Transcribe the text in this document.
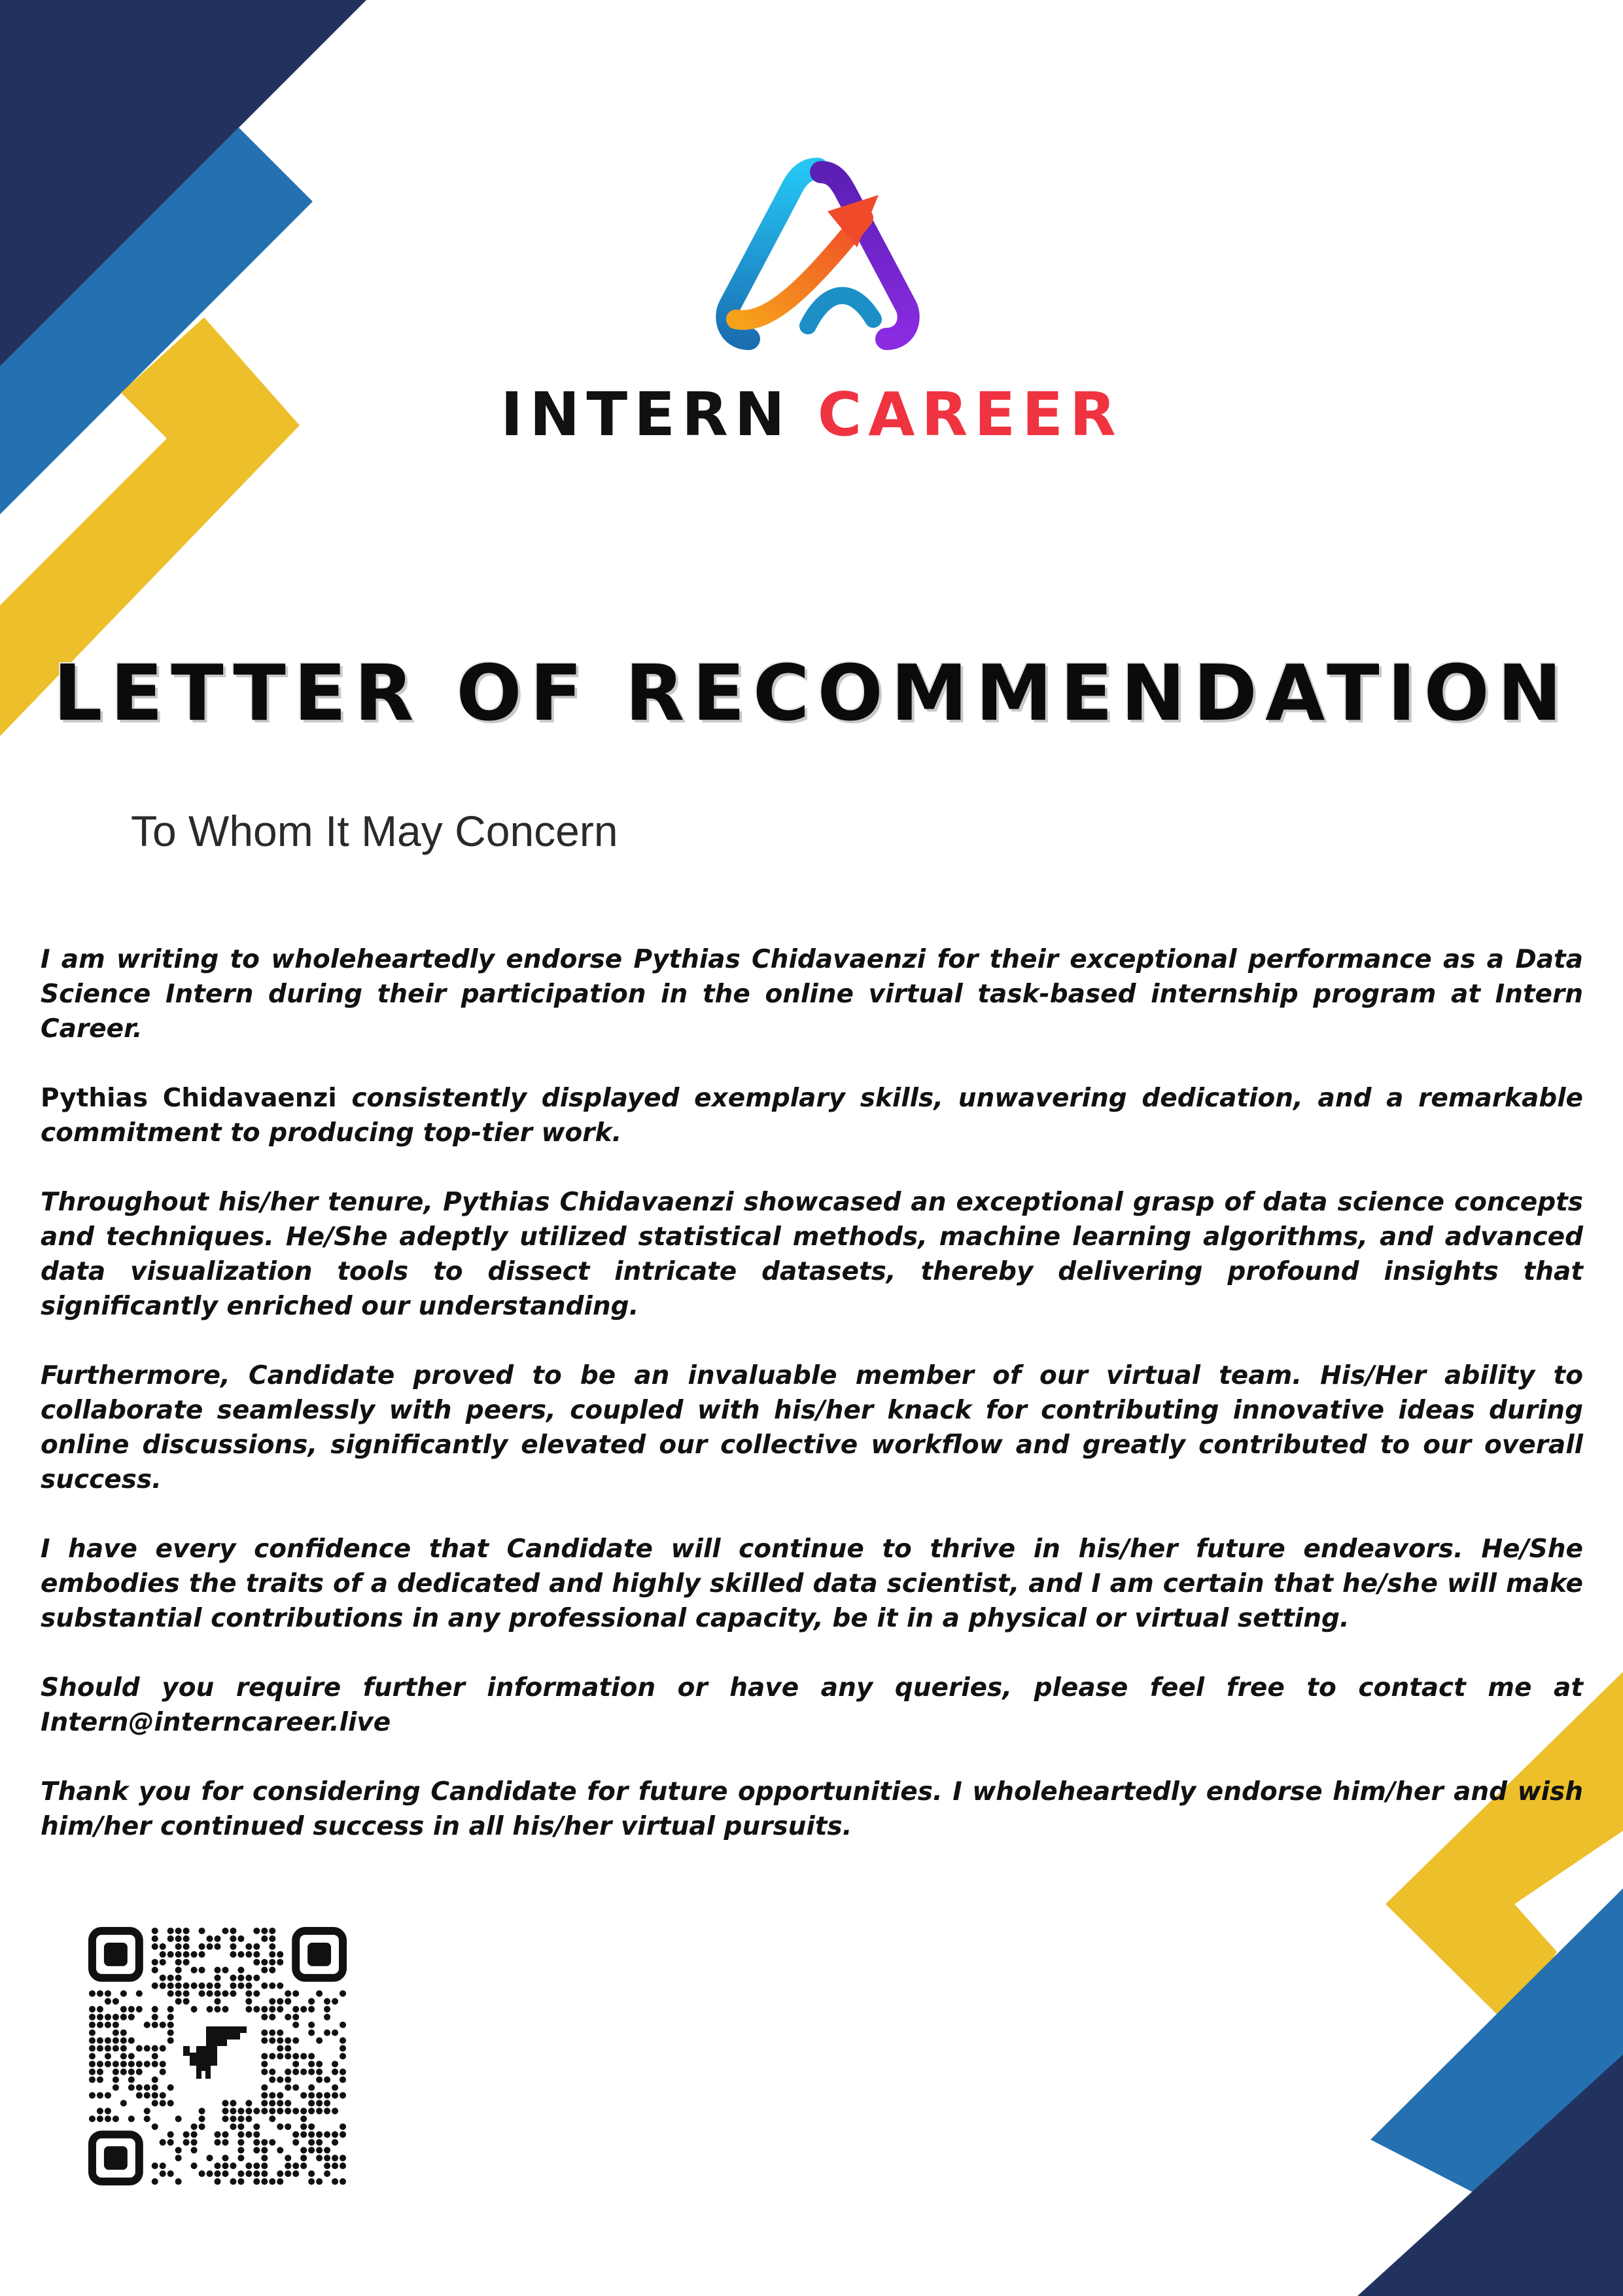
INTERN CAREER
LETTER OF RECOMMENDATION
To Whom It May Concern

I am writing to wholeheartedly endorse Pythias Chidavaenzi for their exceptional performance as a Data Science Intern during their participation in the online virtual task-based internship program at Intern Career.

Pythias Chidavaenzi consistently displayed exemplary skills, unwavering dedication, and a remarkable commitment to producing top-tier work.

Throughout his/her tenure, Pythias Chidavaenzi showcased an exceptional grasp of data science concepts and techniques. He/She adeptly utilized statistical methods, machine learning algorithms, and advanced data visualization tools to dissect intricate datasets, thereby delivering profound insights that significantly enriched our understanding.

Furthermore, Candidate proved to be an invaluable member of our virtual team. His/Her ability to collaborate seamlessly with peers, coupled with his/her knack for contributing innovative ideas during online discussions, significantly elevated our collective workflow and greatly contributed to our overall success.

I have every confidence that Candidate will continue to thrive in his/her future endeavors. He/She embodies the traits of a dedicated and highly skilled data scientist, and I am certain that he/she will make substantial contributions in any professional capacity, be it in a physical or virtual setting.

Should you require further information or have any queries, please feel free to contact me at Intern@interncareer.live

Thank you for considering Candidate for future opportunities. I wholeheartedly endorse him/her and wish him/her continued success in all his/her virtual pursuits.
